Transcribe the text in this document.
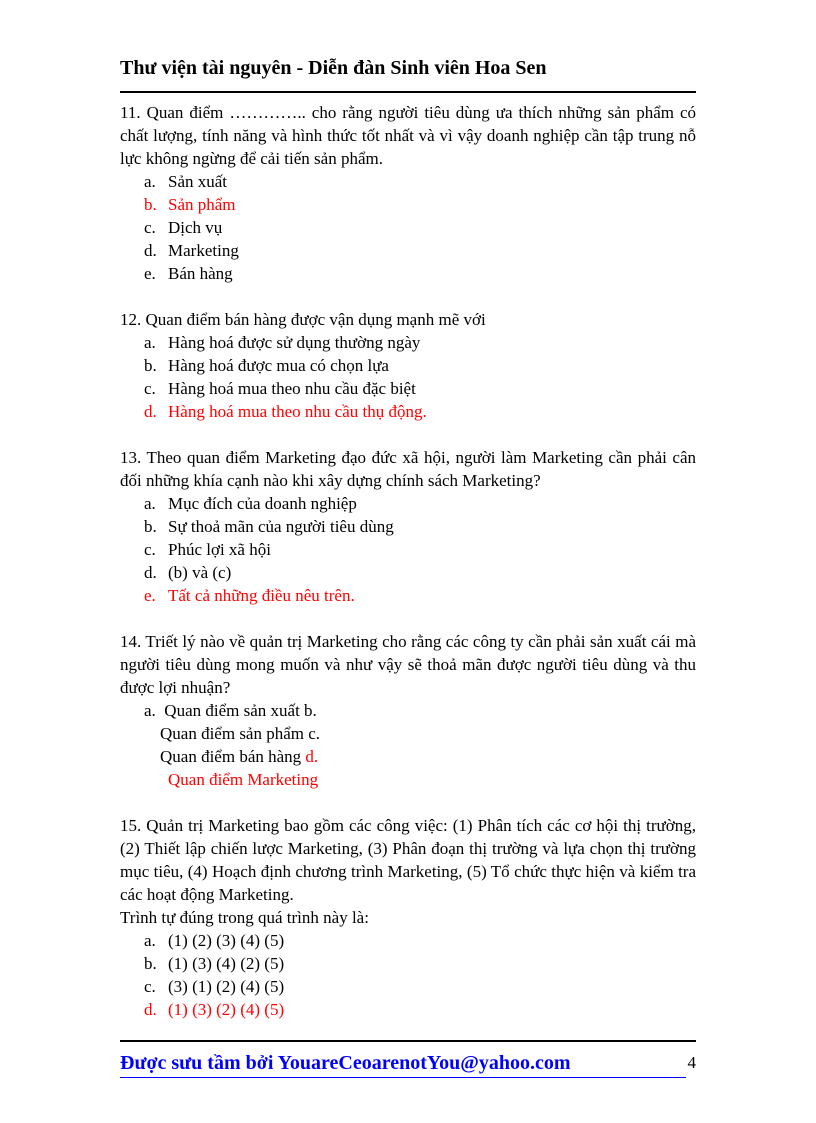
Thư viện tài nguyên - Diễn đàn Sinh viên Hoa Sen
11. Quan điểm ………….. cho rằng người tiêu dùng ưa thích những sản phẩm có chất lượng, tính năng và hình thức tốt nhất và vì vậy doanh nghiệp cần tập trung nỗ lực không ngừng để cải tiến sản phẩm.
a. Sản xuất
b. Sản phẩm
c. Dịch vụ
d. Marketing
e. Bán hàng
12. Quan điểm bán hàng được vận dụng mạnh mẽ với
a. Hàng hoá được sử dụng thường ngày
b. Hàng hoá được mua có chọn lựa
c. Hàng hoá mua theo nhu cầu đặc biệt
d. Hàng hoá mua theo nhu cầu thụ động.
13. Theo quan điểm Marketing đạo đức xã hội, người làm Marketing cần phải cân đối những khía cạnh nào khi xây dựng chính sách Marketing?
a. Mục đích của doanh nghiệp
b. Sự thoả mãn của người tiêu dùng
c. Phúc lợi xã hội
d. (b) và (c)
e. Tất cả những điều nêu trên.
14. Triết lý nào về quản trị Marketing cho rằng các công ty cần phải sản xuất cái mà người tiêu dùng mong muốn và như vậy sẽ thoả mãn được người tiêu dùng và thu được lợi nhuận?
a.  Quan điểm sản xuất b.
Quan điểm sản phẩm c.
Quan điểm bán hàng d.
Quan điểm Marketing
15. Quản trị Marketing bao gồm các công việc: (1) Phân tích các cơ hội thị trường, (2) Thiết lập chiến lược Marketing, (3) Phân đoạn thị trường và lựa chọn thị trường mục tiêu, (4) Hoạch định chương trình Marketing, (5) Tổ chức thực hiện và kiểm tra các hoạt động Marketing.
Trình tự đúng trong quá trình này là:
a. (1) (2) (3) (4) (5)
b. (1) (3) (4) (2) (5)
c. (3) (1) (2) (4) (5)
d. (1) (3) (2) (4) (5)
Được sưu tầm bởi YouareCeoarenotYou@yahoo.com	4
